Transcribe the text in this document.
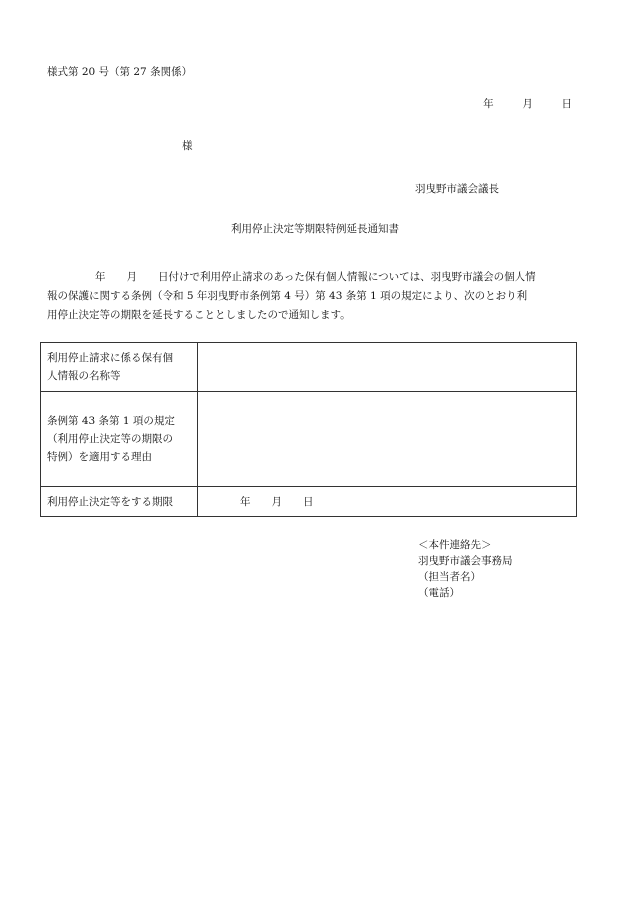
様式第 20 号（第 27 条関係）
年	月	日
様
羽曳野市議会議長
利用停止決定等期限特例延長通知書
年　　月　　日付けで利用停止請求のあった保有個人情報については、羽曳野市議会の個人情
報の保護に関する条例（令和 5 年羽曳野市条例第 4 号）第 43 条第 1 項の規定により、次のとおり利
用停止決定等の期限を延長することとしましたので通知します。
利用停止請求に係る保有個
人情報の名称等	

条例第 43 条第 1 項の規定
（利用停止決定等の期限の
特例）を適用する理由	

利用停止決定等をする期限	年　　月　　日
＜本件連絡先＞
羽曳野市議会事務局
（担当者名）
（電話）
